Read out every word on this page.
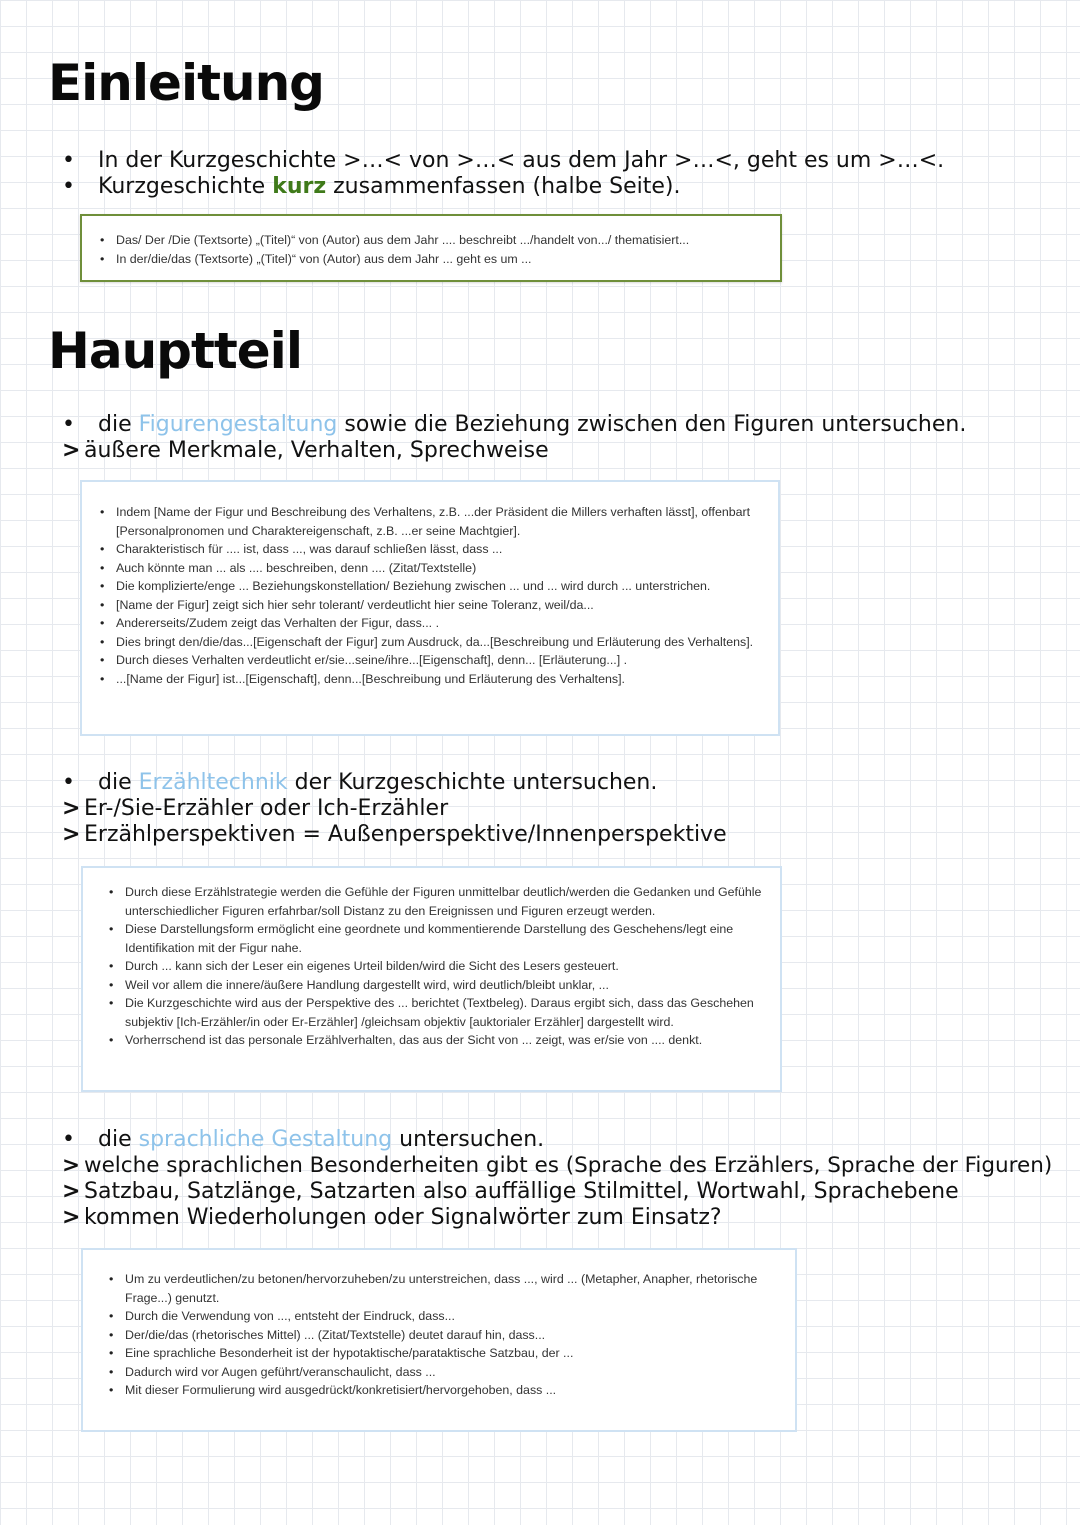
Einleitung
• In der Kurzgeschichte >…< von >…< aus dem Jahr >…<, geht es um >…<.
• Kurzgeschichte kurz zusammenfassen (halbe Seite).
• Das/ Der /Die (Textsorte) „(Titel)“ von (Autor) aus dem Jahr .... beschreibt .../handelt von.../ thematisiert...
• In der/die/das (Textsorte) „(Titel)“ von (Autor) aus dem Jahr ... geht es um ...
Hauptteil
• die Figurengestaltung sowie die Beziehung zwischen den Figuren untersuchen.
> äußere Merkmale, Verhalten, Sprechweise
• Indem [Name der Figur und Beschreibung des Verhaltens, z.B. ...der Präsident die Millers verhaften lässt], offenbart [Personalpronomen und Charaktereigenschaft, z.B. ...er seine Machtgier].
• Charakteristisch für .... ist, dass ..., was darauf schließen lässt, dass ...
• Auch könnte man ... als .... beschreiben, denn .... (Zitat/Textstelle)
• Die komplizierte/enge ... Beziehungskonstellation/ Beziehung zwischen ... und ... wird durch ... unterstrichen.
• [Name der Figur] zeigt sich hier sehr tolerant/ verdeutlicht hier seine Toleranz, weil/da...
• Andererseits/Zudem zeigt das Verhalten der Figur, dass... .
• Dies bringt den/die/das...[Eigenschaft der Figur] zum Ausdruck, da...[Beschreibung und Erläuterung des Verhaltens].
• Durch dieses Verhalten verdeutlicht er/sie...seine/ihre...[Eigenschaft], denn... [Erläuterung...] .
• ...[Name der Figur] ist...[Eigenschaft], denn...[Beschreibung und Erläuterung des Verhaltens].
• die Erzähltechnik der Kurzgeschichte untersuchen.
> Er-/Sie-Erzähler oder Ich-Erzähler
> Erzählperspektiven = Außenperspektive/Innenperspektive
• Durch diese Erzählstrategie werden die Gefühle der Figuren unmittelbar deutlich/werden die Gedanken und Gefühle unterschiedlicher Figuren erfahrbar/soll Distanz zu den Ereignissen und Figuren erzeugt werden.
• Diese Darstellungsform ermöglicht eine geordnete und kommentierende Darstellung des Geschehens/legt eine Identifikation mit der Figur nahe.
• Durch ... kann sich der Leser ein eigenes Urteil bilden/wird die Sicht des Lesers gesteuert.
• Weil vor allem die innere/äußere Handlung dargestellt wird, wird deutlich/bleibt unklar, ...
• Die Kurzgeschichte wird aus der Perspektive des ... berichtet (Textbeleg). Daraus ergibt sich, dass das Geschehen subjektiv [Ich-Erzähler/in oder Er-Erzähler] /gleichsam objektiv [auktorialer Erzähler] dargestellt wird.
• Vorherrschend ist das personale Erzählverhalten, das aus der Sicht von ... zeigt, was er/sie von .... denkt.
• die sprachliche Gestaltung untersuchen.
> welche sprachlichen Besonderheiten gibt es (Sprache des Erzählers, Sprache der Figuren)
> Satzbau, Satzlänge, Satzarten also auffällige Stilmittel, Wortwahl, Sprachebene
> kommen Wiederholungen oder Signalwörter zum Einsatz?
• Um zu verdeutlichen/zu betonen/hervorzuheben/zu unterstreichen, dass ..., wird ... (Metapher, Anapher, rhetorische Frage...) genutzt.
• Durch die Verwendung von ..., entsteht der Eindruck, dass...
• Der/die/das (rhetorisches Mittel) ... (Zitat/Textstelle) deutet darauf hin, dass...
• Eine sprachliche Besonderheit ist der hypotaktische/parataktische Satzbau, der ...
• Dadurch wird vor Augen geführt/veranschaulicht, dass ...
• Mit dieser Formulierung wird ausgedrückt/konkretisiert/hervorgehoben, dass ...
